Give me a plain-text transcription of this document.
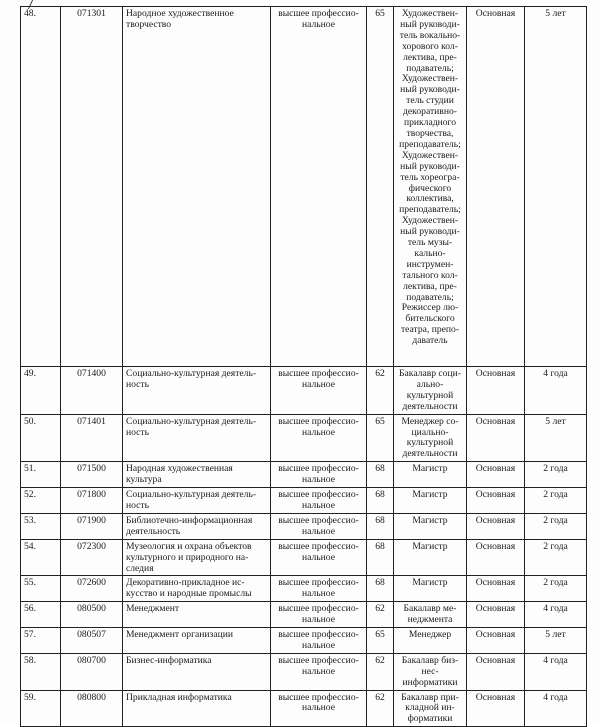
48.	071301	Народное художественное творчество	высшее профессио-нальное	65	Художествен-ный руководи-тель вокально-хорового кол-лектива, пре-подаватель; Художествен-ный руководи-тель студии декоративно-прикладного творчества, преподаватель; Художествен-ный руководи-тель хореогра-фического коллектива, преподаватель; Художествен-ный руководи-тель музы-кально-инструмен-тального кол-лектива, пре-подаватель; Режиссер лю-бительского театра, препо-даватель	Основная	5 лет
49.	071400	Социально-культурная деятель-ность	высшее профессио-нальное	62	Бакалавр соци-ально-культурной деятельности	Основная	4 года
50.	071401	Социально-культурная деятель-ность	высшее профессио-нальное	65	Менеджер со-циально-культурной деятельности	Основная	5 лет
51.	071500	Народная художественная культура	высшее профессио-нальное	68	Магистр	Основная	2 года
52.	071800	Социально-культурная деятель-ность	высшее профессио-нальное	68	Магистр	Основная	2 года
53.	071900	Библиотечно-информационная деятельность	высшее профессио-нальное	68	Магистр	Основная	2 года
54.	072300	Музеология и охрана объектов культурного и природного на-следия	высшее профессио-нальное	68	Магистр	Основная	2 года
55.	072600	Декоративно-прикладное ис-кусство и народные промыслы	высшее профессио-нальное	68	Магистр	Основная	2 года
56.	080500	Менеджмент	высшее профессио-нальное	62	Бакалавр ме-неджмента	Основная	4 года
57.	080507	Менеджмент организации	высшее профессио-нальное	65	Менеджер	Основная	5 лет
58.	080700	Бизнес-информатика	высшее профессио-нальное	62	Бакалавр биз-нес-информатики	Основная	4 года
59.	080800	Прикладная информатика	высшее профессио-нальное	62	Бакалавр при-кладной ин-форматики	Основная	4 года
